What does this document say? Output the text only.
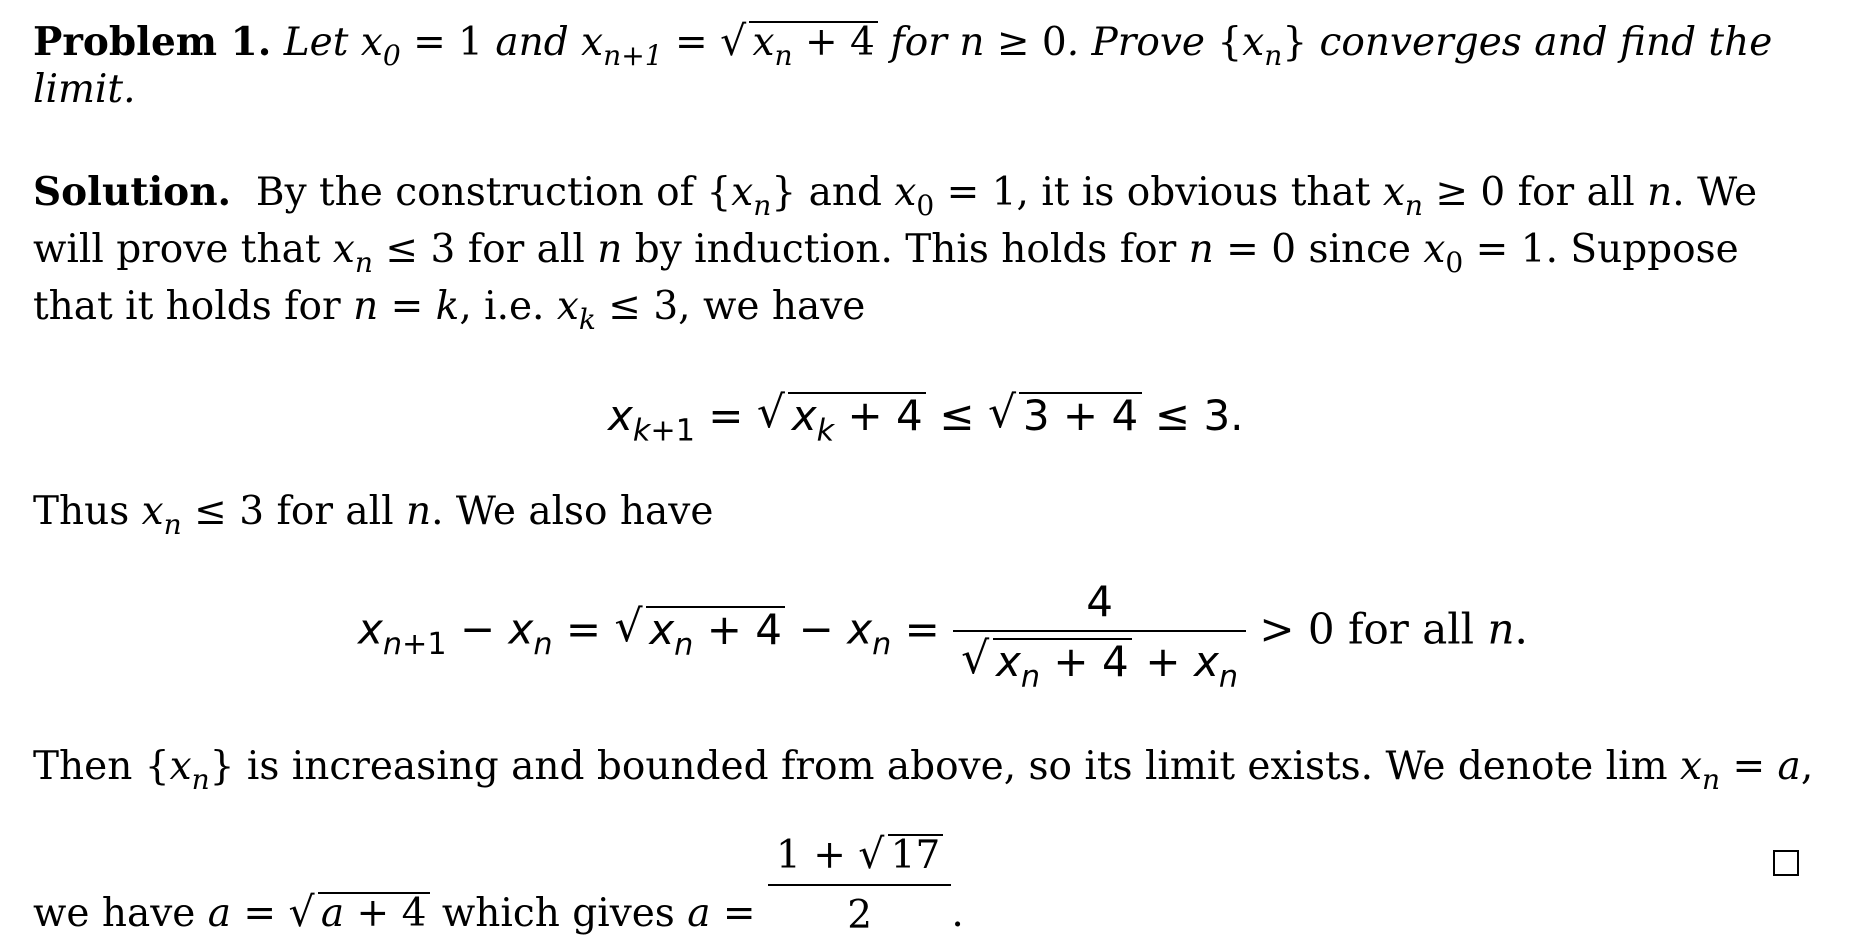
Problem 1. Let $x_0 = 1$ and $x_{n+1}$ = √ $x_n + 4$ for n ≥ 0. Prove $\{x_n\}$ converges and find the
limit.
Solution. By the construction of $\{x_n\}$ and $x_0 = 1$, it is obvious that $x_n \ge 0$ for all n. We
will prove that $x_n \le 3$ for all n by induction. This holds for n = 0 since $x_0 = 1$. Suppose
that it holds for n = k, i.e. $x_k \le 3$, we have
$x_{k+1}$ = √ $x_k + 4$ ≤ √ 3 + 4 ≤ 3.
Thus $x_n \le 3$ for all n. We also have
$x_{n+1} - x_n$ = √ $x_n + 4 - x_n = \frac{4}{√ x_n + 4 + x_n} > 0$ for all n.
Then $\{x_n\}$ is increasing and bounded from above, so its limit exists. We denote $\lim x_n = a$,
we have a = √ a + 4 which gives $a = \frac{1 + √ 17}{2}$ .
